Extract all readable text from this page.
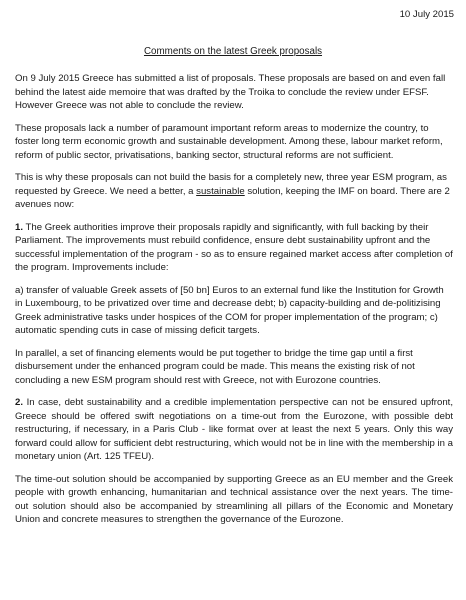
10 July 2015
Comments on the latest Greek proposals

On 9 July 2015 Greece has submitted a list of proposals. These proposals are based on and even fall behind the latest aide memoire that was drafted by the Troika to conclude the review under EFSF. However Greece was not able to conclude the review.

These proposals lack a number of paramount important reform areas to modernize the country, to foster long term economic growth and sustainable development. Among these, labour market reform, reform of public sector, privatisations, banking sector, structural reforms are not sufficient.

This is why these proposals can not build the basis for a completely new, three year ESM program, as requested by Greece. We need a better, a sustainable solution, keeping the IMF on board. There are 2 avenues now:

1. The Greek authorities improve their proposals rapidly and significantly, with full backing by their Parliament. The improvements must rebuild confidence, ensure debt sustainability upfront and the successful implementation of the program - so as to ensure regained market access after completion of the program. Improvements include:

a) transfer of valuable Greek assets of [50 bn] Euros to an external fund like the Institution for Growth in Luxembourg, to be privatized over time and decrease debt; b) capacity-building and de-politizising Greek administrative tasks under hospices of the COM for proper implementation of the program; c) automatic spending cuts in case of missing deficit targets.

In parallel, a set of financing elements would be put together to bridge the time gap until a first disbursement under the enhanced program could be made. This means the existing risk of not concluding a new ESM program should rest with Greece, not with Eurozone countries.

2. In case, debt sustainability and a credible implementation perspective can not be ensured upfront, Greece should be offered swift negotiations on a time-out from the Eurozone, with possible debt restructuring, if necessary, in a Paris Club - like format over at least the next 5 years. Only this way forward could allow for sufficient debt restructuring, which would not be in line with the membership in a monetary union (Art. 125 TFEU).

The time-out solution should be accompanied by supporting Greece as an EU member and the Greek people with growth enhancing, humanitarian and technical assistance over the next years. The time-out solution should also be accompanied by streamlining all pillars of the Economic and Monetary Union and concrete measures to strengthen the governance of the Eurozone.
